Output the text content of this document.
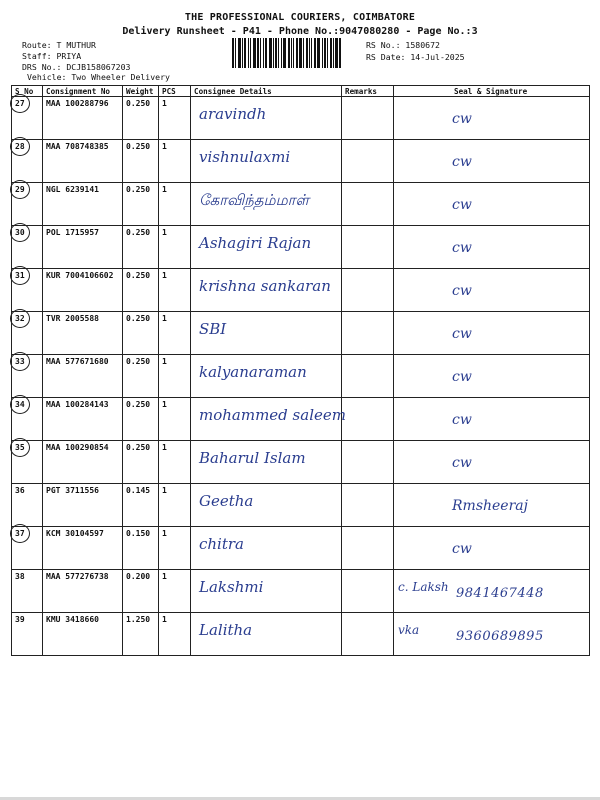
THE PROFESSIONAL COURIERS, COIMBATORE
Delivery Runsheet - P41 - Phone No.:9047080280 - Page No.:3
Route: T MUTHUR
Staff: PRIYA
DRS No.: DCJB158067203
Vehicle: Two Wheeler Delivery
RS No.: 1580672
RS Date: 14-Jul-2025
S No	Consignment No	Weight	PCS	Consignee Details	Remarks	Seal & Signature

27	MAA 100288796	0.250	1	aravindh		cw

28	MAA 708748385	0.250	1	vishnulaxmi		cw

29	NGL 6239141	0.250	1	கோவிந்தம்மாள்		cw

30	POL 1715957	0.250	1	Ashagiri Rajan		cw

31	KUR 7004106602	0.250	1	krishna sankaran		cw

32	TVR 2005588	0.250	1	SBI		cw

33	MAA 577671680	0.250	1	kalyanaraman		cw

34	MAA 100284143	0.250	1	mohammed saleem		cw

35	MAA 100290854	0.250	1	Baharul Islam		cw

36	PGT 3711556	0.145	1	Geetha		Rmsheeraj

37	KCM 30104597	0.150	1	chitra		cw

38	MAA 577276738	0.200	1	Lakshmi		c. Laksh 9841467448

39	KMU 3418660	1.250	1	Lalitha		vka 9360689895
